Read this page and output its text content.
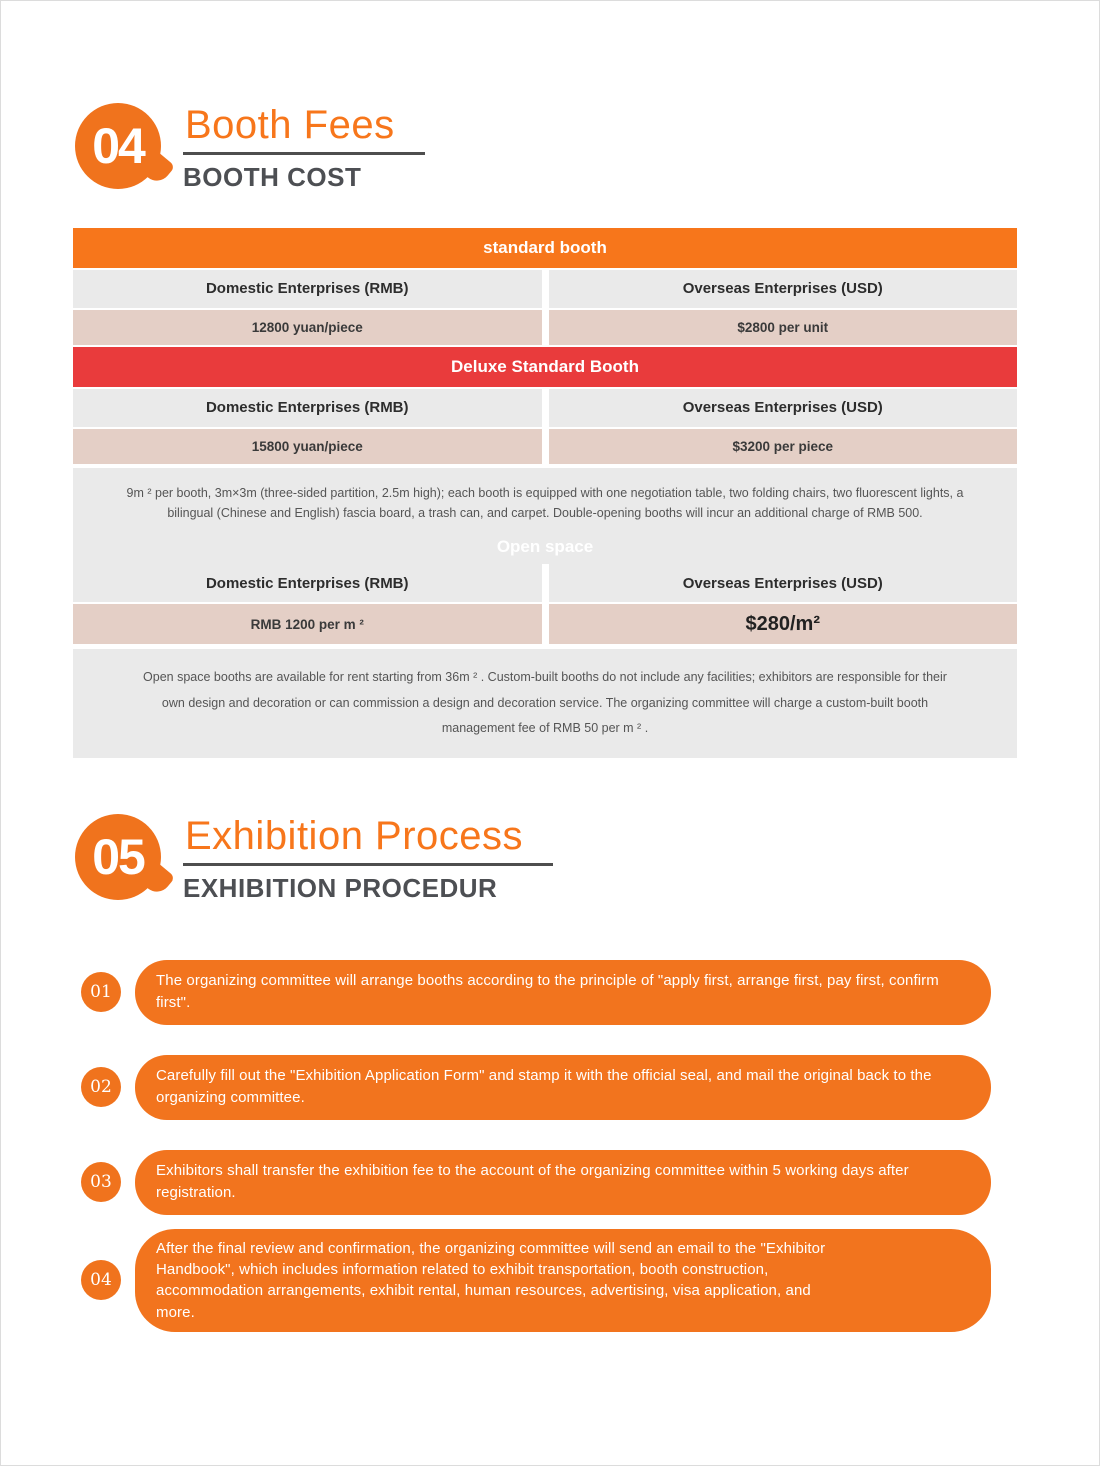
04 Booth Fees
BOOTH COST
standard booth
Domestic Enterprises (RMB)	Overseas Enterprises (USD)
12800 yuan/piece	$2800 per unit
Deluxe Standard Booth
Domestic Enterprises (RMB)	Overseas Enterprises (USD)
15800 yuan/piece	$3200 per piece
9m ² per booth, 3m×3m (three-sided partition, 2.5m high); each booth is equipped with one negotiation table, two folding chairs, two fluorescent lights, a bilingual (Chinese and English) fascia board, a trash can, and carpet. Double-opening booths will incur an additional charge of RMB 500.
Open space
Domestic Enterprises (RMB)	Overseas Enterprises (USD)
RMB 1200 per m ²	$280/m²
Open space booths are available for rent starting from 36m ² . Custom-built booths do not include any facilities; exhibitors are responsible for their own design and decoration or can commission a design and decoration service. The organizing committee will charge a custom-built booth management fee of RMB 50 per m ² .
05 Exhibition Process
EXHIBITION PROCEDUR
01
The organizing committee will arrange booths according to the principle of "apply first, arrange first, pay first, confirm first".
02
Carefully fill out the "Exhibition Application Form" and stamp it with the official seal, and mail the original back to the organizing committee.
03
Exhibitors shall transfer the exhibition fee to the account of the organizing committee within 5 working days after registration.
04
After the final review and confirmation, the organizing committee will send an email to the "Exhibitor Handbook", which includes information related to exhibit transportation, booth construction, accommodation arrangements, exhibit rental, human resources, advertising, visa application, and more.
